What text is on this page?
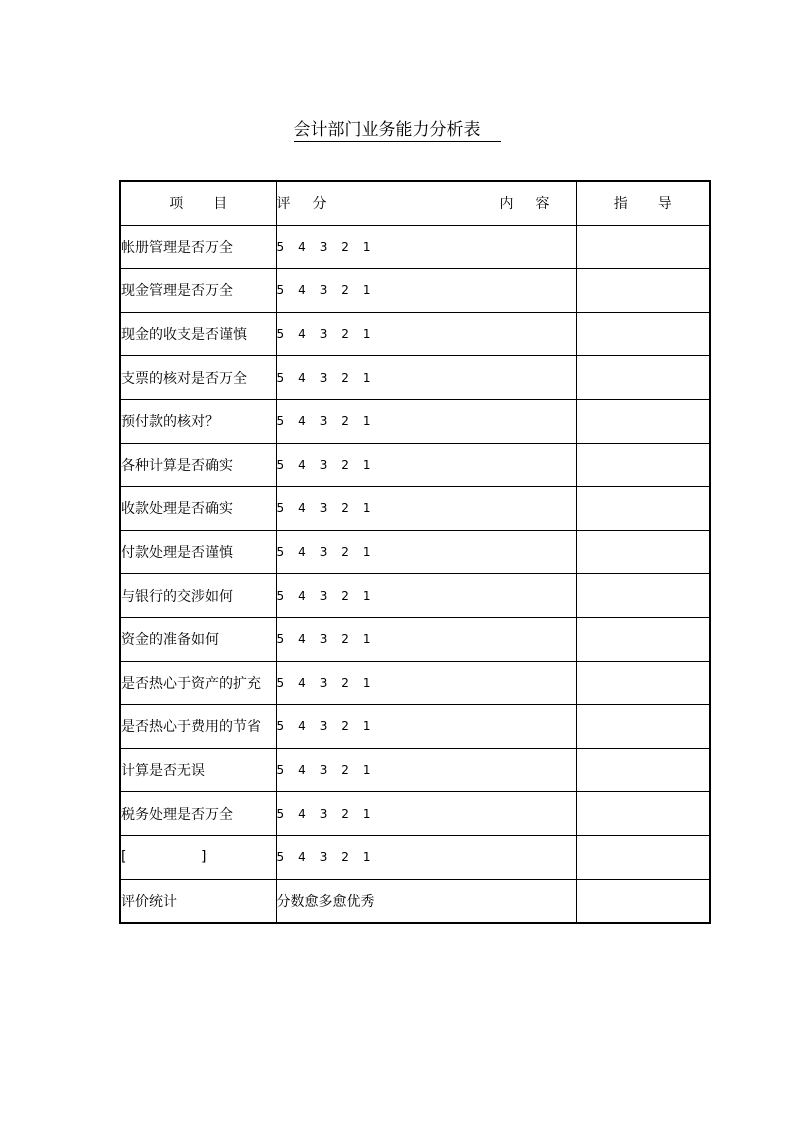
会计部门业务能力分析表
项 目	评 分 内 容	指 导
帐册管理是否万全	5 4 3 2 1	
现金管理是否万全	5 4 3 2 1	
现金的收支是否谨慎	5 4 3 2 1	
支票的核对是否万全	5 4 3 2 1	
预付款的核对？	5 4 3 2 1	
各种计算是否确实	5 4 3 2 1	
收款处理是否确实	5 4 3 2 1	
付款处理是否谨慎	5 4 3 2 1	
与银行的交涉如何	5 4 3 2 1	
资金的准备如何	5 4 3 2 1	
是否热心于资产的扩充	5 4 3 2 1	
是否热心于费用的节省	5 4 3 2 1	
计算是否无误	5 4 3 2 1	
税务处理是否万全	5 4 3 2 1	
[ ]	5 4 3 2 1	
评价统计	分数愈多愈优秀	
